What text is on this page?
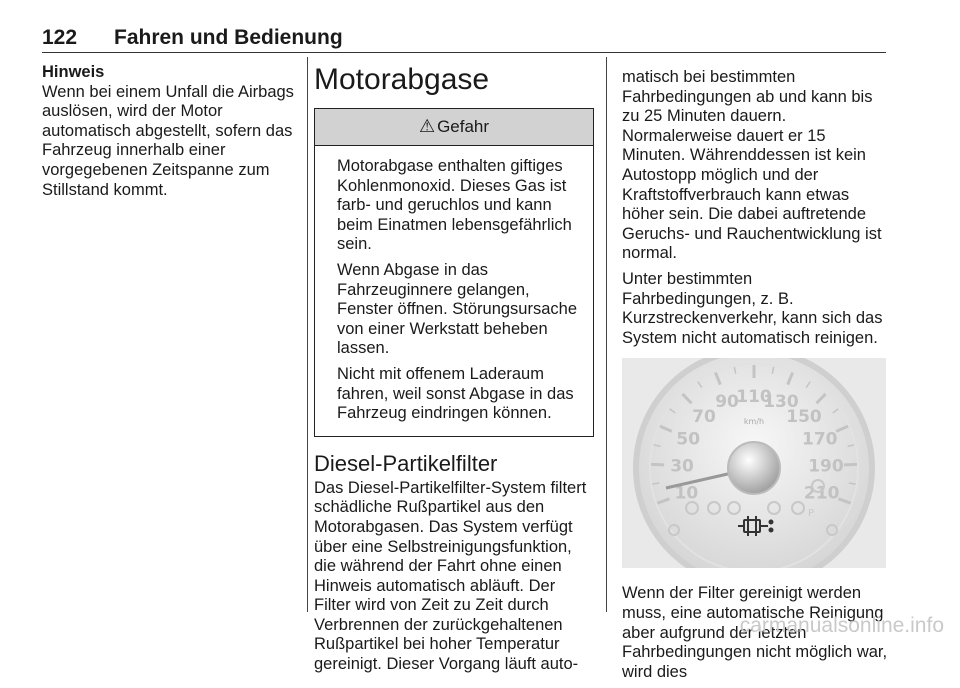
122 Fahren und Bedienung
Hinweis
Wenn bei einem Unfall die Airbags auslösen, wird der Motor automatisch abgestellt, sofern das Fahrzeug innerhalb einer vorgegebenen Zeitspanne zum Stillstand kommt.
Motorabgase
⚠ Gefahr

Motorabgase enthalten giftiges Kohlenmonoxid. Dieses Gas ist farb- und geruchlos und kann beim Einatmen lebensgefährlich sein.

Wenn Abgase in das Fahrzeuginnere gelangen, Fenster öffnen. Störungsursache von einer Werkstatt beheben lassen.

Nicht mit offenem Laderaum fahren, weil sonst Abgase in das Fahrzeug eindringen können.

Diesel-Partikelfilter
Das Diesel-Partikelfilter-System filtert schädliche Rußpartikel aus den Motorabgasen. Das System verfügt über eine Selbstreinigungsfunktion, die während der Fahrt ohne einen Hinweis automatisch abläuft. Der Filter wird von Zeit zu Zeit durch Verbrennen der zurückgehaltenen Rußpartikel bei hoher Temperatur gereinigt. Dieser Vorgang läuft auto-

matisch bei bestimmten Fahrbedingungen ab und kann bis zu 25 Minuten dauern. Normalerweise dauert er 15 Minuten. Währenddessen ist kein Autostopp möglich und der Kraftstoffverbrauch kann etwas höher sein. Die dabei auftretende Geruchs- und Rauchentwicklung ist normal.

Unter bestimmten Fahrbedingungen, z. B. Kurzstreckenverkehr, kann sich das System nicht automatisch reinigen.

10
30
50
70
90
110
130
150
170
190
210
km/h
P

Wenn der Filter gereinigt werden muss, eine automatische Reinigung aber aufgrund der letzten Fahrbedingungen nicht möglich war, wird dies

carmanualsonline.info
